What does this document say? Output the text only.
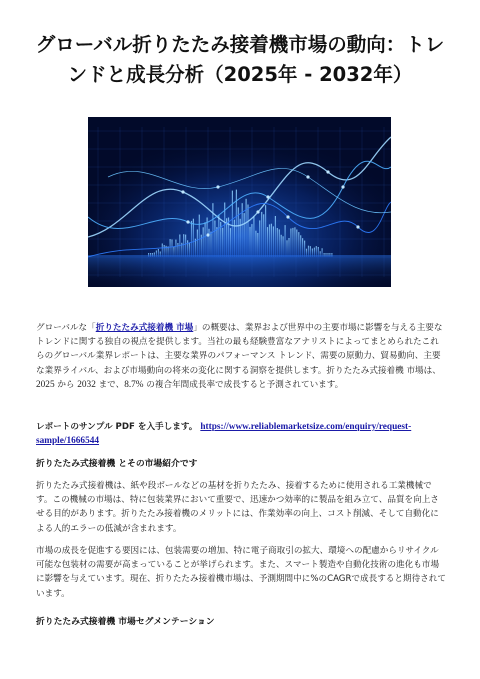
グローバル折りたたみ接着機市場の動向：トレンドと成長分析（2025年 - 2032年）

グローバルな「折りたたみ式接着機 市場」の概要は、業界および世界中の主要市場に影響を与える主要なトレンドに関する独自の視点を提供します。当社の最も経験豊富なアナリストによってまとめられたこれらのグローバル業界レポートは、主要な業界のパフォーマンス トレンド、需要の原動力、貿易動向、主要な業界ライバル、および市場動向の将来の変化に関する洞察を提供します。折りたたみ式接着機 市場は、2025 から 2032 まで、8.7% の複合年間成長率で成長すると予測されています。

レポートのサンプル PDF を入手します。 https://www.reliablemarketsize.com/enquiry/request-sample/1666544

折りたたみ式接着機 とその市場紹介です

折りたたみ式接着機は、紙や段ボールなどの基材を折りたたみ、接着するために使用される工業機械です。この機械の市場は、特に包装業界において重要で、迅速かつ効率的に製品を組み立て、品質を向上させる目的があります。折りたたみ接着機のメリットには、作業効率の向上、コスト削減、そして自動化による人的エラーの低減が含まれます。

市場の成長を促進する要因には、包装需要の増加、特に電子商取引の拡大、環境への配慮からリサイクル可能な包装材の需要が高まっていることが挙げられます。また、スマート製造や自動化技術の進化も市場に影響を与えています。現在、折りたたみ接着機市場は、予測期間中に%のCAGRで成長すると期待されています。

折りたたみ式接着機 市場セグメンテーション
